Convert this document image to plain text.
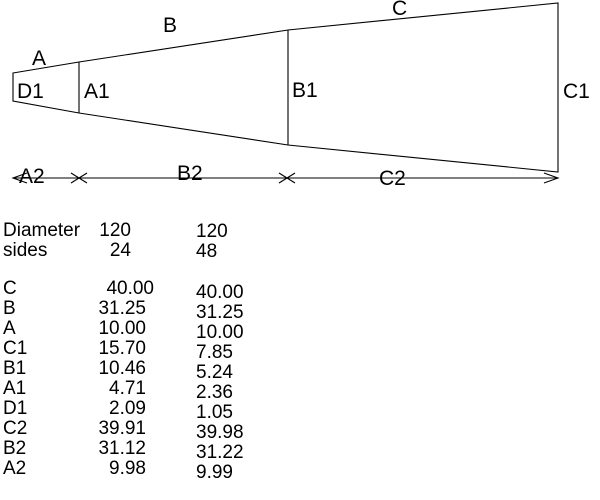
A
B
C
D1 A1	B1	C1
A2	B2	C2
Diameter	120	120
sides	24	48
C	40.00 40.00
B	31.25	31.25
A	10.00	10.00
C1	15.70	7.85
B1	10.46	5.24
A1	4.71	2.36
D1	2.09	1.05
C2	39.91	39.98
B2	31.12	31.22
A2	9.98	9.99
